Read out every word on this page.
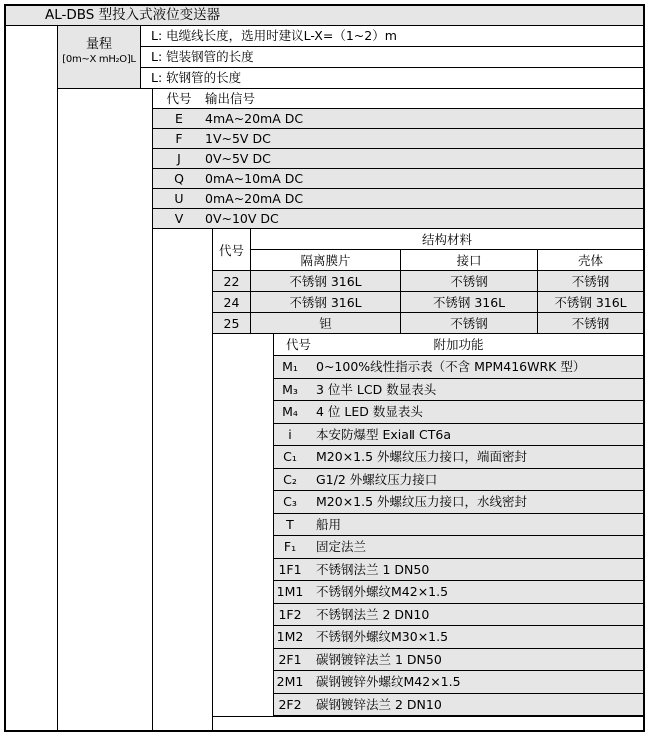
AL-DBS 型投入式液位变送器
量程
[0m~X mH₂O]L
L: 电缆线长度，选用时建议L-X=（1~2）m
L: 铠装钢管的长度
L: 软钢管的长度
代号 输出信号
E 4mA~20mA DC
F 1V~5V DC
J 0V~5V DC
Q 0mA~10mA DC
U 0mA~20mA DC
V 0V~10V DC
代号
结构材料
隔离膜片	接口	壳体
22	不锈钢 316L	不锈钢	不锈钢
24	不锈钢 316L	不锈钢 316L	不锈钢 316L
25	钽	不锈钢	不锈钢
代号	附加功能
M₁ 0~100%线性指示表（不含 MPM416WRK 型）
M₃ 3 位半 LCD 数显表头
M₄ 4 位 LED 数显表头
i 本安防爆型 ExiaⅡ CT6a
C₁ M20×1.5 外螺纹压力接口，端面密封
C₂ G1/2 外螺纹压力接口
C₃ M20×1.5 外螺纹压力接口，水线密封
T 船用
F₁ 固定法兰
1F1 不锈钢法兰 1 DN50
1M1 不锈钢外螺纹M42×1.5
1F2 不锈钢法兰 2 DN10
1M2 不锈钢外螺纹M30×1.5
2F1 碳钢镀锌法兰 1 DN50
2M1 碳钢镀锌外螺纹M42×1.5
2F2 碳钢镀锌法兰 2 DN10
